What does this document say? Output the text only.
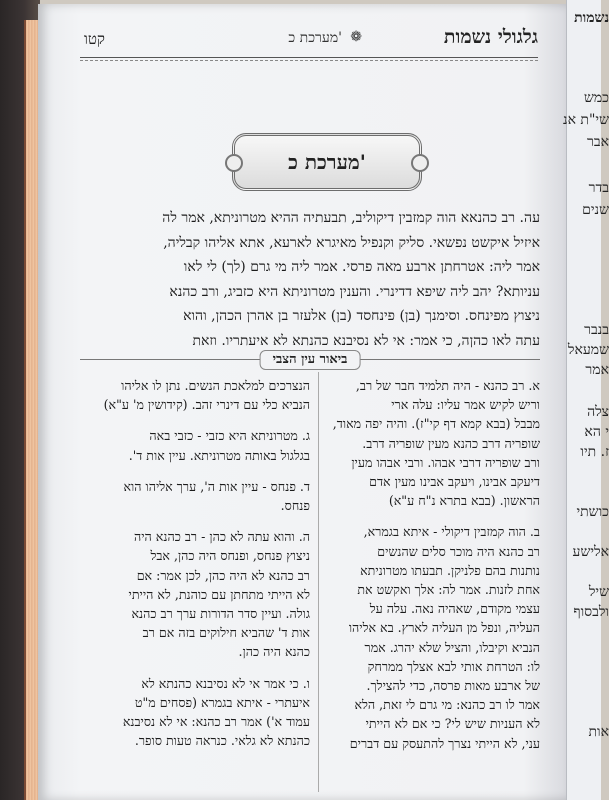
נשמות
כמש
שי"ת אנ
אבר
בדר
שנים
בנבר
שמעאל
אמר
צלה
י הא
ז. תיו
כושתי
אלישע
שיל
ולבסוף
אות
גלגולי נשמות
❁
מערכת כ'
קטו
מערכת כ'

עה. רב כהנאא הוה קמזבין דיקוליב, תבעתיה ההיא מטרוניתא, אמר לה

איזיל איקשט נפשאי. סליק וקנפיל מאיגרא לארעא, אתא אליהו קבליה,

אמר ליה: אטרחתן ארבע מאה פרסי. אמר ליה מי גרם (לך) לי לאו

עניותא? יהב ליה שיפא דדינרי. והענין מטרוניתא היא כזביג, ורב כהנא

ניצוץ מפינחס. וסימנך (בן) פינחסד (בן) אלעזר בן אהרן הכהן, והוא

עתה לאו כהןה, כי אמר: אי לא נסיבנא כהנתא לא איעתריו. וזאת

ביאור עין הצבי

א. רב כהנא - היה תלמיד חבר של רב,

וריש לקיש אמר עליו: עלה ארי

מבבל (בבא קמא דף קי"ז). והיה יפה מאוד,

שופריה דרב כהנא מעין שופריה דרב.

ורב שופריה דרבי אבהו. ורבי אבהו מעין

דיעקב אבינו, ויעקב אבינו מעין אדם

הראשון. (בבא בתרא נ"ח ע"א)

ב. הוה קמזבין דיקולי - איתא בגמרא,

רב כהנא היה מוכר סלים שהנשים

נותנות בהם פלניקן. תבעתו מטרוניתא

אחת לזנות. אמר לה: אלך ואקשט את

עצמי מקודם, שאהיה נאה. עלה על

העליה, ונפל מן העליה לארץ. בא אליהו

הנביא וקיבלו, והציל שלא יהרג. אמר

לו: הטרחת אותי לבא אצלך ממרחק

של ארבע מאות פרסה, כדי להצילך.

אמר לו רב כהנא: מי גרם לי זאת, הלא

לא העניות שיש לי? כי אם לא הייתי

עני, לא הייתי נצרך להתעסק עם דברים

הנצרכים למלאכת הנשים. נתן לו אליהו

הנביא כלי עם דינרי זהב. (קידושין מ' ע"א)

ג. מטרוניתא היא כזבי - כזבי באה

בגלגול באותה מטרוניתא. עיין אות ד'.

ד. פנחס - עיין אות ה', ערך אליהו הוא

פנחס.

ה. והוא עתה לא כהן - רב כהנא היה

ניצוץ פנחס, ופנחס היה כהן, אבל

רב כהנא לא היה כהן, לכן אמר: אם

לא הייתי מתחתן עם כוהנת, לא הייתי

גולה. ועיין סדר הדורות ערך רב כהנא

אות ד' שהביא חילוקים בזה אם רב

כהנא היה כהן.

ו. כי אמר אי לא נסיבנא כהנתא לא

איעתרי - איתא בגמרא (פסחים מ"ט

עמוד א') אמר רב כהנא: אי לא נסיבנא

כהנתא לא גלאי. כנראה טעות סופר.
